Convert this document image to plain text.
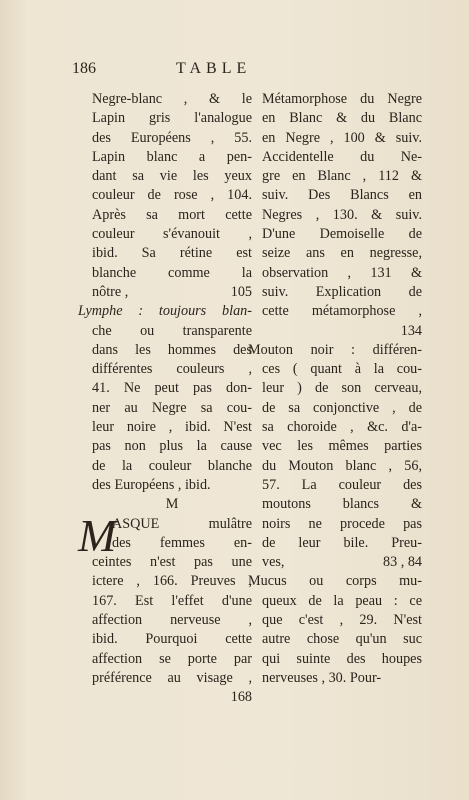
186	TABLE
Negre-blanc , & le
Lapin gris l'analogue
des Européens , 55.
Lapin blanc a pen-
dant sa vie les yeux
couleur de rose , 104.
Après sa mort cette
couleur s'évanouit ,
ibid. Sa rétine est
blanche comme la
nôtre ,	105
Lymphe : toujours blan-
che ou transparente
dans les hommes des
différentes couleurs ,
41. Ne peut pas don-
ner au Negre sa cou-
leur noire , ibid. N'est
pas non plus la cause
de la couleur blanche
des Européens , ibid.
M
M
ASQUE mulâtre
des femmes en-
ceintes n'est pas une
ictere , 166. Preuves ,
167. Est l'effet d'une
affection nerveuse ,
ibid. Pourquoi cette
affection se porte par
préférence au visage ,
168
Métamorphose du Negre
en Blanc & du Blanc
en Negre , 100 & suiv.
Accidentelle du Ne-
gre en Blanc , 112 &
suiv. Des Blancs en
Negres , 130. & suiv.
D'une Demoiselle de
seize ans en negresse,
observation , 131 &
suiv. Explication de
cette métamorphose ,
134
Mouton noir : différen-
ces ( quant à la cou-
leur ) de son cerveau,
de sa conjonctive , de
sa choroide , &c. d'a-
vec les mêmes parties
du Mouton blanc , 56,
57. La couleur des
moutons blancs &
noirs ne procede pas
de leur bile. Preu-
ves,	83 , 84
Mucus ou corps mu-
queux de la peau : ce
que c'est , 29. N'est
autre chose qu'un suc
qui suinte des houpes
nerveuses , 30. Pour-
